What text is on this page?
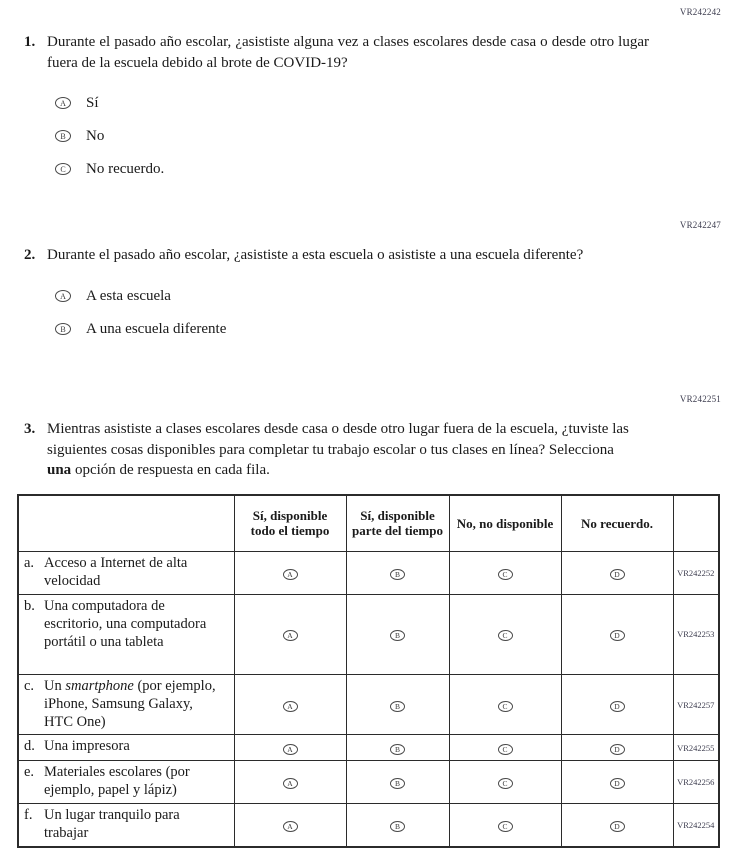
VR242242
1. Durante el pasado año escolar, ¿asististe alguna vez a clases escolares desde casa o desde otro lugar fuera de la escuela debido al brote de COVID-19?
A	Sí
B	No
C	No recuerdo.
VR242247
2. Durante el pasado año escolar, ¿asististe a esta escuela o asististe a una escuela diferente?
A	A esta escuela
B	A una escuela diferente
VR242251
3. Mientras asististe a clases escolares desde casa o desde otro lugar fuera de la escuela, ¿tuviste las siguientes cosas disponibles para completar tu trabajo escolar o tus clases en línea? Selecciona una opción de respuesta en cada fila.
	Sí, disponible todo el tiempo	Sí, disponible parte del tiempo	No, no disponible	No recuerdo.	

a. Acceso a Internet de alta velocidad	A	B	C	D	VR242252

b. Una computadora de escritorio, una computadora portátil o una tableta	A	B	C	D	VR242253

c. Un smartphone (por ejemplo, iPhone, Samsung Galaxy, HTC One)	A	B	C	D	VR242257

d. Una impresora	A	B	C	D	VR242255

e. Materiales escolares (por ejemplo, papel y lápiz)	A	B	C	D	VR242256

f. Un lugar tranquilo para trabajar	A	B	C	D	VR242254
